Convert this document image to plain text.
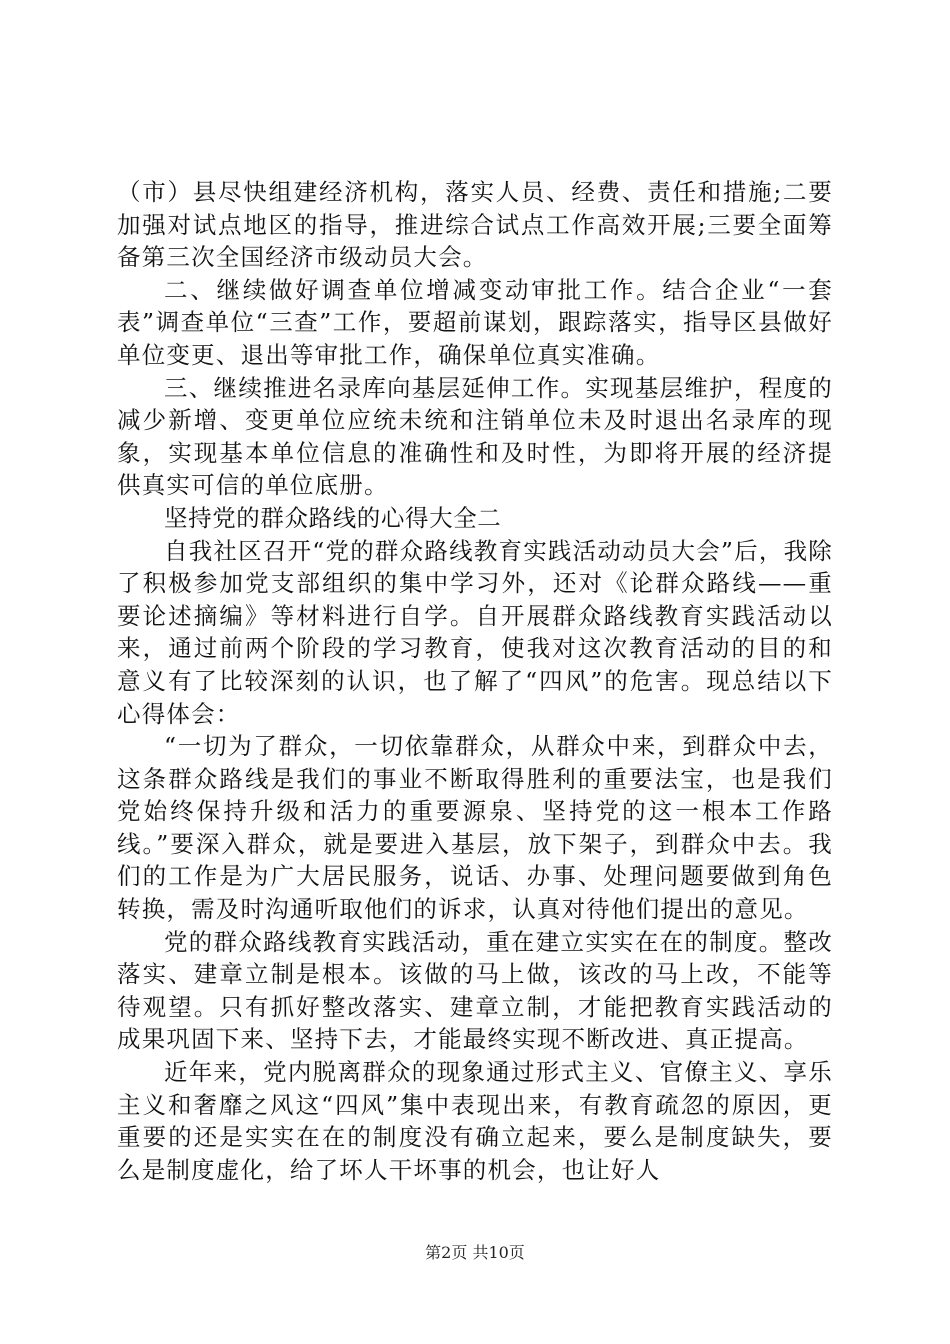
（市）县尽快组建经济机构，落实人员、经费、责任和措施;二要加强对试点地区的指导，推进综合试点工作高效开展;三要全面筹备第三次全国经济市级动员大会。

二、继续做好调查单位增减变动审批工作。结合企业“一套表”调查单位“三查”工作，要超前谋划，跟踪落实，指导区县做好单位变更、退出等审批工作，确保单位真实准确。

三、继续推进名录库向基层延伸工作。实现基层维护，程度的减少新增、变更单位应统未统和注销单位未及时退出名录库的现象，实现基本单位信息的准确性和及时性，为即将开展的经济提供真实可信的单位底册。

坚持党的群众路线的心得大全二

自我社区召开“党的群众路线教育实践活动动员大会”后，我除了积极参加党支部组织的集中学习外，还对《论群众路线——重要论述摘编》等材料进行自学。自开展群众路线教育实践活动以来，通过前两个阶段的学习教育，使我对这次教育活动的目的和意义有了比较深刻的认识，也了解了“四风”的危害。现总结以下心得体会：

“一切为了群众，一切依靠群众，从群众中来，到群众中去，这条群众路线是我们的事业不断取得胜利的重要法宝，也是我们党始终保持升级和活力的重要源泉、坚持党的这一根本工作路线。”要深入群众，就是要进入基层，放下架子，到群众中去。我们的工作是为广大居民服务，说话、办事、处理问题要做到角色转换，需及时沟通听取他们的诉求，认真对待他们提出的意见。

党的群众路线教育实践活动，重在建立实实在在的制度。整改落实、建章立制是根本。该做的马上做，该改的马上改，不能等待观望。只有抓好整改落实、建章立制，才能把教育实践活动的成果巩固下来、坚持下去，才能最终实现不断改进、真正提高。

近年来，党内脱离群众的现象通过形式主义、官僚主义、享乐主义和奢靡之风这“四风”集中表现出来，有教育疏忽的原因，更重要的还是实实在在的制度没有确立起来，要么是制度缺失，要么是制度虚化，给了坏人干坏事的机会，也让好人

第2页 共10页
